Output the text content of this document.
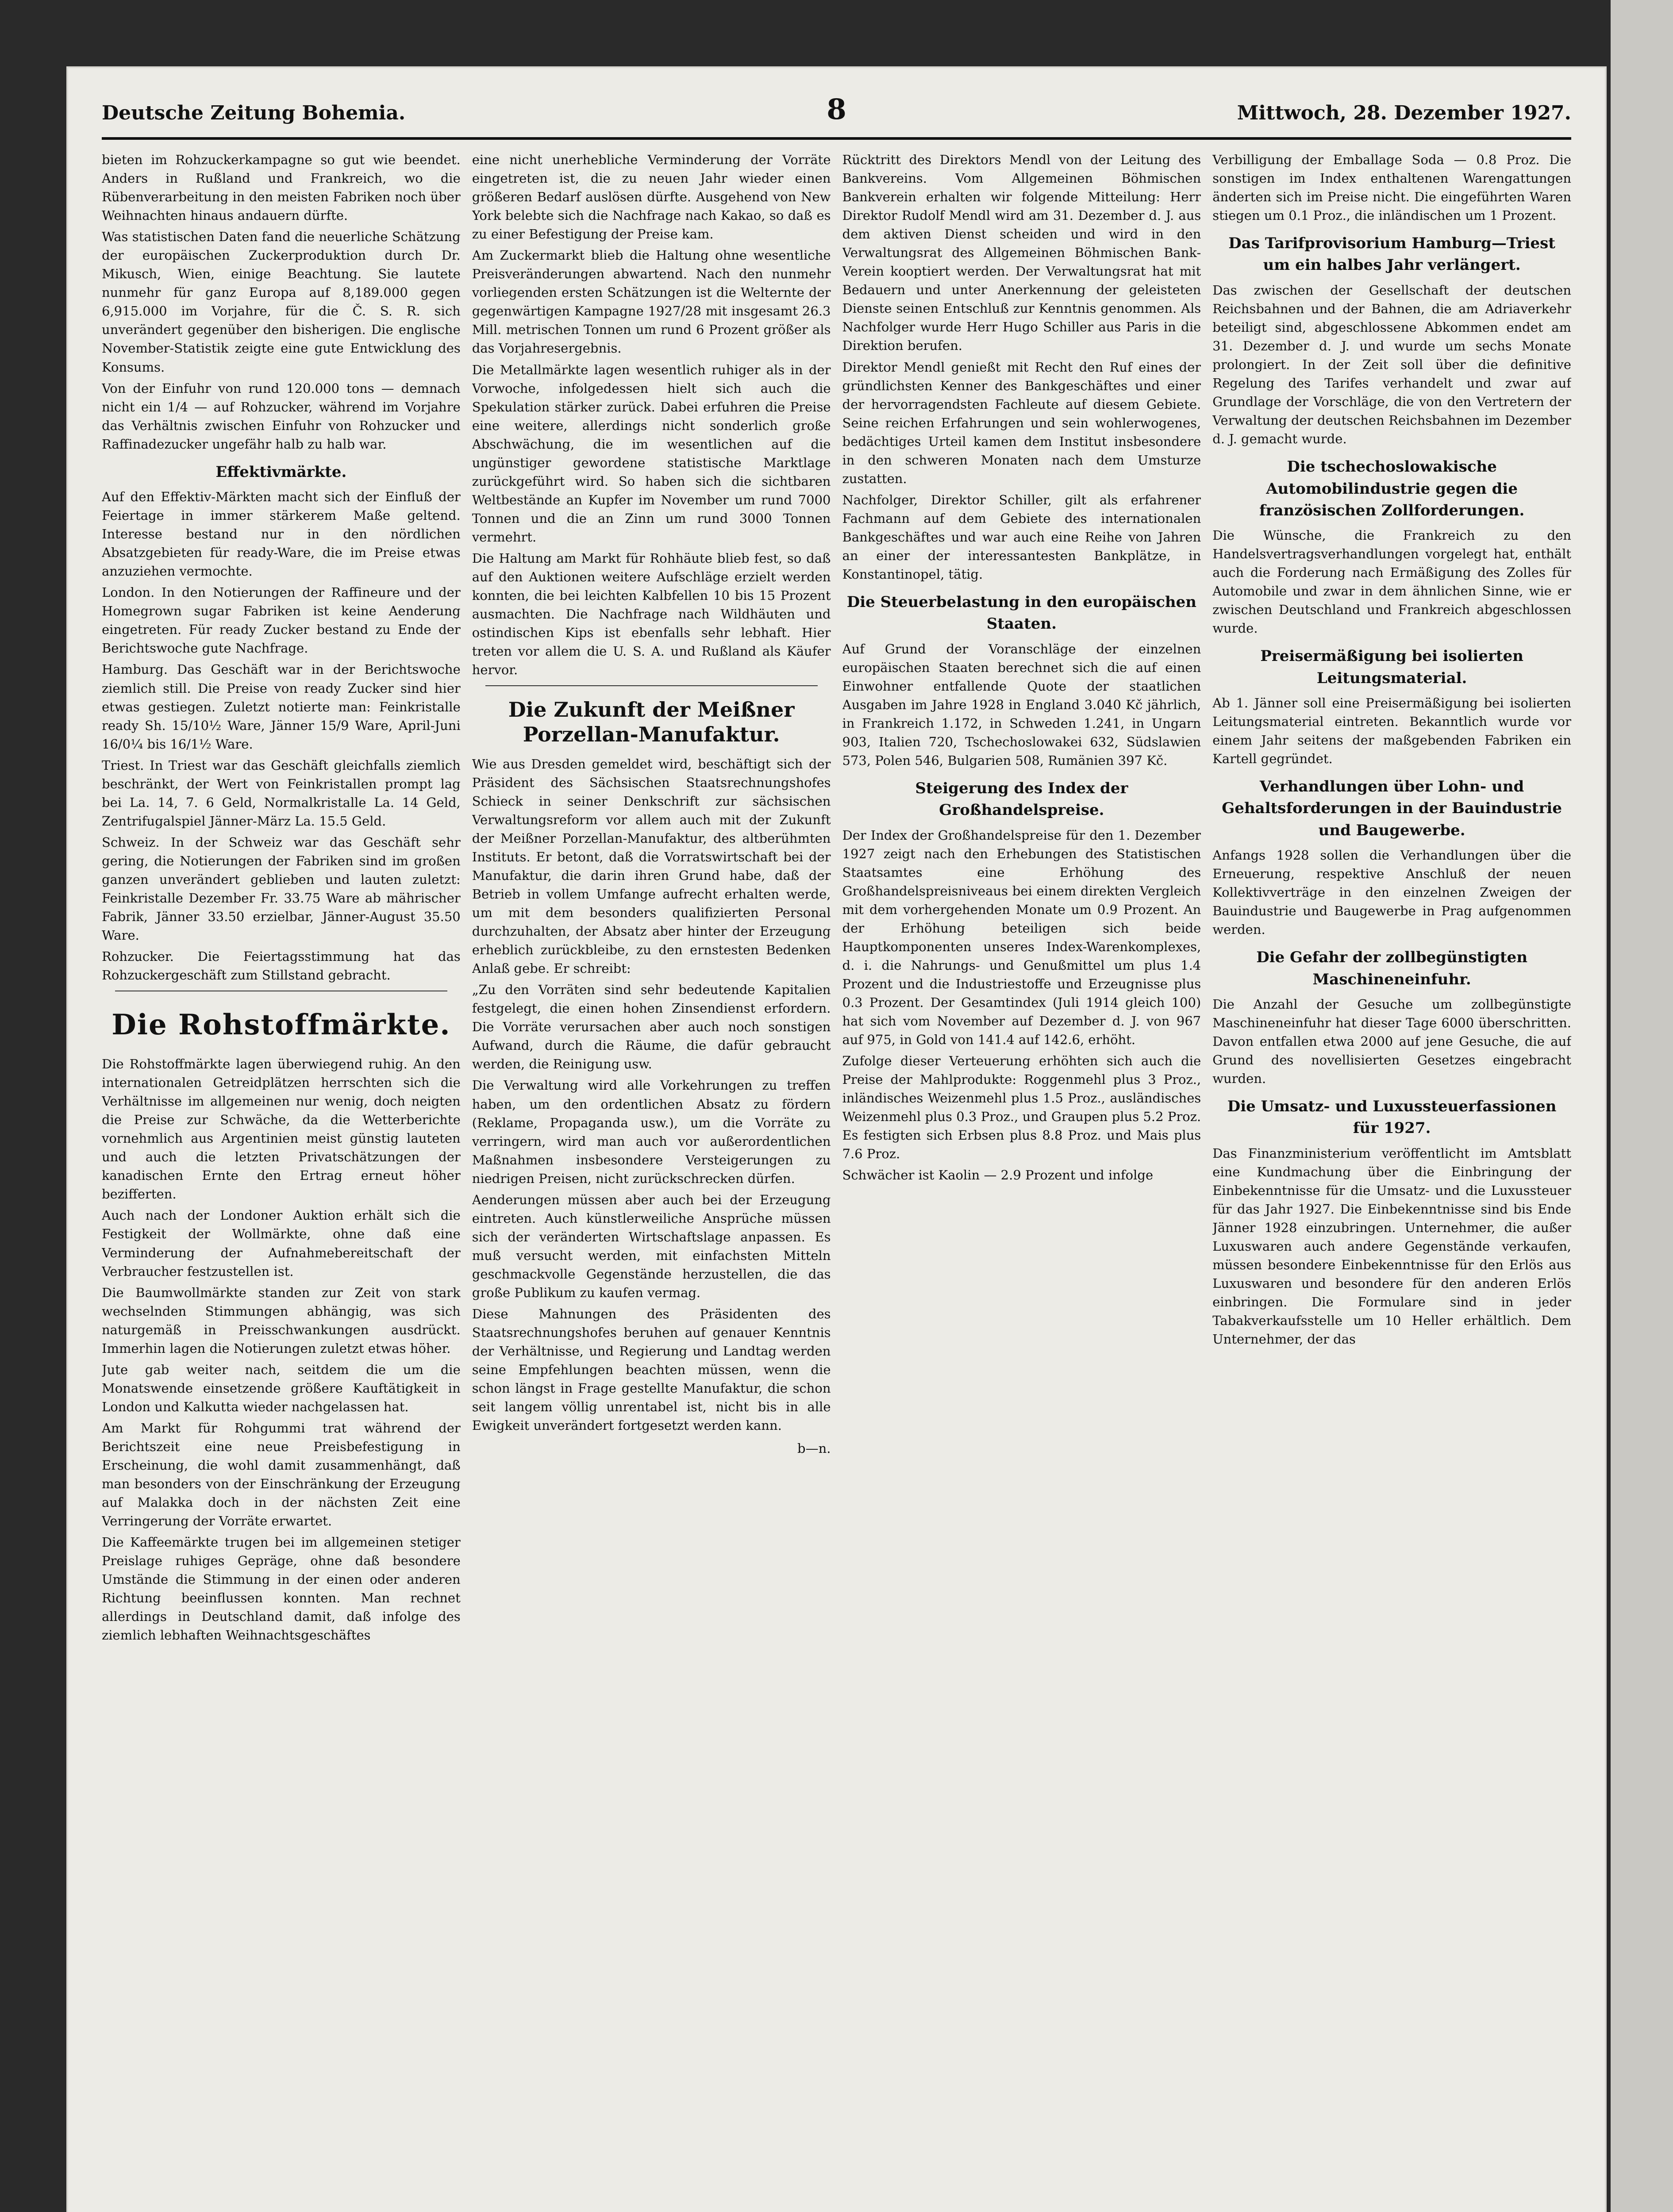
Deutsche Zeitung Bohemia.	8	Mittwoch, 28. Dezember 1927.

bieten im Rohzuckerkampagne so gut wie beendet. Anders in Rußland und Frankreich, wo die Rübenverarbeitung in den meisten Fabriken noch über Weihnachten hinaus andauern dürfte.

Was statistischen Daten fand die neuerliche Schätzung der europäischen Zuckerproduktion durch Dr. Mikusch, Wien, einige Beachtung. Sie lautete nunmehr für ganz Europa auf 8,189.000 gegen 6,915.000 im Vorjahre, für die Č. S. R. sich unverändert gegenüber den bisherigen. Die englische November-Statistik zeigte eine gute Entwicklung des Konsums.

Von der Einfuhr von rund 120.000 tons — demnach nicht ein 1/4 — auf Rohzucker, während im Vorjahre das Verhältnis zwischen Einfuhr von Rohzucker und Raffinadezucker ungefähr halb zu halb war.

Effektivmärkte.

Auf den Effektiv-Märkten macht sich der Einfluß der Feiertage in immer stärkerem Maße geltend. Interesse bestand nur in den nördlichen Absatzgebieten für ready-Ware, die im Preise etwas anzuziehen vermochte.

London. In den Notierungen der Raffineure und der Homegrown sugar Fabriken ist keine Aenderung eingetreten. Für ready Zucker bestand zu Ende der Berichtswoche gute Nachfrage.

Hamburg. Das Geschäft war in der Berichtswoche ziemlich still. Die Preise von ready Zucker sind hier etwas gestiegen. Zuletzt notierte man: Feinkristalle ready Sh. 15/10½ Ware, Jänner 15/9 Ware, April-Juni 16/0¼ bis 16/1½ Ware.

Triest. In Triest war das Geschäft gleichfalls ziemlich beschränkt, der Wert von Feinkristallen prompt lag bei La. 14, 7. 6 Geld, Normalkristalle La. 14 Geld, Zentrifugalspiel Jänner-März La. 15.5 Geld.

Schweiz. In der Schweiz war das Geschäft sehr gering, die Notierungen der Fabriken sind im großen ganzen unverändert geblieben und lauten zuletzt: Feinkristalle Dezember Fr. 33.75 Ware ab mährischer Fabrik, Jänner 33.50 erzielbar, Jänner-August 35.50 Ware.

Rohzucker. Die Feiertagsstimmung hat das Rohzuckergeschäft zum Stillstand gebracht.

Die Rohstoffmärkte.

Die Rohstoffmärkte lagen überwiegend ruhig. An den internationalen Getreidplätzen herrschten sich die Verhältnisse im allgemeinen nur wenig, doch neigten die Preise zur Schwäche, da die Wetterberichte vornehmlich aus Argentinien meist günstig lauteten und auch die letzten Privatschätzungen der kanadischen Ernte den Ertrag erneut höher bezifferten.

Auch nach der Londoner Auktion erhält sich die Festigkeit der Wollmärkte, ohne daß eine Verminderung der Aufnahmebereitschaft der Verbraucher festzustellen ist.

Die Baumwollmärkte standen zur Zeit von stark wechselnden Stimmungen abhängig, was sich naturgemäß in Preisschwankungen ausdrückt. Immerhin lagen die Notierungen zuletzt etwas höher.

Jute gab weiter nach, seitdem die um die Monatswende einsetzende größere Kauftätigkeit in London und Kalkutta wieder nachgelassen hat.

Am Markt für Rohgummi trat während der Berichtszeit eine neue Preisbefestigung in Erscheinung, die wohl damit zusammenhängt, daß man besonders von der Einschränkung der Erzeugung auf Malakka doch in der nächsten Zeit eine Verringerung der Vorräte erwartet.

Die Kaffeemärkte trugen bei im allgemeinen stetiger Preislage ruhiges Gepräge, ohne daß besondere Umstände die Stimmung in der einen oder anderen Richtung beeinflussen konnten. Man rechnet allerdings in Deutschland damit, daß infolge des ziemlich lebhaften Weihnachtsgeschäftes

eine nicht unerhebliche Verminderung der Vorräte eingetreten ist, die zu neuen Jahr wieder einen größeren Bedarf auslösen dürfte. Ausgehend von New York belebte sich die Nachfrage nach Kakao, so daß es zu einer Befestigung der Preise kam.

Am Zuckermarkt blieb die Haltung ohne wesentliche Preisveränderungen abwartend. Nach den nunmehr vorliegenden ersten Schätzungen ist die Welternte der gegenwärtigen Kampagne 1927/28 mit insgesamt 26.3 Mill. metrischen Tonnen um rund 6 Prozent größer als das Vorjahresergebnis.

Die Metallmärkte lagen wesentlich ruhiger als in der Vorwoche, infolgedessen hielt sich auch die Spekulation stärker zurück. Dabei erfuhren die Preise eine weitere, allerdings nicht sonderlich große Abschwächung, die im wesentlichen auf die ungünstiger gewordene statistische Marktlage zurückgeführt wird. So haben sich die sichtbaren Weltbestände an Kupfer im November um rund 7000 Tonnen und die an Zinn um rund 3000 Tonnen vermehrt.

Die Haltung am Markt für Rohhäute blieb fest, so daß auf den Auktionen weitere Aufschläge erzielt werden konnten, die bei leichten Kalbfellen 10 bis 15 Prozent ausmachten. Die Nachfrage nach Wildhäuten und ostindischen Kips ist ebenfalls sehr lebhaft. Hier treten vor allem die U. S. A. und Rußland als Käufer hervor.

Die Zukunft der Meißner Porzellan-Manufaktur.

Wie aus Dresden gemeldet wird, beschäftigt sich der Präsident des Sächsischen Staatsrechnungshofes Schieck in seiner Denkschrift zur sächsischen Verwaltungsreform vor allem auch mit der Zukunft der Meißner Porzellan-Manufaktur, des altberühmten Instituts. Er betont, daß die Vorratswirtschaft bei der Manufaktur, die darin ihren Grund habe, daß der Betrieb in vollem Umfange aufrecht erhalten werde, um mit dem besonders qualifizierten Personal durchzuhalten, der Absatz aber hinter der Erzeugung erheblich zurückbleibe, zu den ernstesten Bedenken Anlaß gebe. Er schreibt:

„Zu den Vorräten sind sehr bedeutende Kapitalien festgelegt, die einen hohen Zinsendienst erfordern. Die Vorräte verursachen aber auch noch sonstigen Aufwand, durch die Räume, die dafür gebraucht werden, die Reinigung usw.

Die Verwaltung wird alle Vorkehrungen zu treffen haben, um den ordentlichen Absatz zu fördern (Reklame, Propaganda usw.), um die Vorräte zu verringern, wird man auch vor außerordentlichen Maßnahmen insbesondere Versteigerungen zu niedrigen Preisen, nicht zurückschrecken dürfen.

Aenderungen müssen aber auch bei der Erzeugung eintreten. Auch künstlerweiliche Ansprüche müssen sich der veränderten Wirtschaftslage anpassen. Es muß versucht werden, mit einfachsten Mitteln geschmackvolle Gegenstände herzustellen, die das große Publikum zu kaufen vermag.

Diese Mahnungen des Präsidenten des Staatsrechnungshofes beruhen auf genauer Kenntnis der Verhältnisse, und Regierung und Landtag werden seine Empfehlungen beachten müssen, wenn die schon längst in Frage gestellte Manufaktur, die schon seit langem völlig unrentabel ist, nicht bis in alle Ewigkeit unverändert fortgesetzt werden kann.

b—n.

Rücktritt des Direktors Mendl von der Leitung des Bankvereins. Vom Allgemeinen Böhmischen Bankverein erhalten wir folgende Mitteilung: Herr Direktor Rudolf Mendl wird am 31. Dezember d. J. aus dem aktiven Dienst scheiden und wird in den Verwaltungsrat des Allgemeinen Böhmischen Bank-Verein kooptiert werden. Der Verwaltungsrat hat mit Bedauern und unter Anerkennung der geleisteten Dienste seinen Entschluß zur Kenntnis genommen. Als Nachfolger wurde Herr Hugo Schiller aus Paris in die Direktion berufen.

Direktor Mendl genießt mit Recht den Ruf eines der gründlichsten Kenner des Bankgeschäftes und einer der hervorragendsten Fachleute auf diesem Gebiete. Seine reichen Erfahrungen und sein wohlerwogenes, bedächtiges Urteil kamen dem Institut insbesondere in den schweren Monaten nach dem Umsturze zustatten.

Nachfolger, Direktor Schiller, gilt als erfahrener Fachmann auf dem Gebiete des internationalen Bankgeschäftes und war auch eine Reihe von Jahren an einer der interessantesten Bankplätze, in Konstantinopel, tätig.

Die Steuerbelastung in den europäischen Staaten.

Auf Grund der Voranschläge der einzelnen europäischen Staaten berechnet sich die auf einen Einwohner entfallende Quote der staatlichen Ausgaben im Jahre 1928 in England 3.040 Kč jährlich, in Frankreich 1.172, in Schweden 1.241, in Ungarn 903, Italien 720, Tschechoslowakei 632, Südslawien 573, Polen 546, Bulgarien 508, Rumänien 397 Kč.

Steigerung des Index der Großhandelspreise.

Der Index der Großhandelspreise für den 1. Dezember 1927 zeigt nach den Erhebungen des Statistischen Staatsamtes eine Erhöhung des Großhandelspreisniveaus bei einem direkten Vergleich mit dem vorhergehenden Monate um 0.9 Prozent. An der Erhöhung beteiligen sich beide Hauptkomponenten unseres Index-Warenkomplexes, d. i. die Nahrungs- und Genußmittel um plus 1.4 Prozent und die Industriestoffe und Erzeugnisse plus 0.3 Prozent. Der Gesamtindex (Juli 1914 gleich 100) hat sich vom November auf Dezember d. J. von 967 auf 975, in Gold von 141.4 auf 142.6, erhöht.

Zufolge dieser Verteuerung erhöhten sich auch die Preise der Mahlprodukte: Roggenmehl plus 3 Proz., inländisches Weizenmehl plus 1.5 Proz., ausländisches Weizenmehl plus 0.3 Proz., und Graupen plus 5.2 Proz. Es festigten sich Erbsen plus 8.8 Proz. und Mais plus 7.6 Proz.

Schwächer ist Kaolin — 2.9 Prozent und infolge

Verbilligung der Emballage Soda — 0.8 Proz. Die sonstigen im Index enthaltenen Warengattungen änderten sich im Preise nicht. Die eingeführten Waren stiegen um 0.1 Proz., die inländischen um 1 Prozent.

Das Tarifprovisorium Hamburg—Triest um ein halbes Jahr verlängert.

Das zwischen der Gesellschaft der deutschen Reichsbahnen und der Bahnen, die am Adriaverkehr beteiligt sind, abgeschlossene Abkommen endet am 31. Dezember d. J. und wurde um sechs Monate prolongiert. In der Zeit soll über die definitive Regelung des Tarifes verhandelt und zwar auf Grundlage der Vorschläge, die von den Vertretern der Verwaltung der deutschen Reichsbahnen im Dezember d. J. gemacht wurde.

Die tschechoslowakische Automobilindustrie gegen die französischen Zollforderungen.

Die Wünsche, die Frankreich zu den Handelsvertragsverhandlungen vorgelegt hat, enthält auch die Forderung nach Ermäßigung des Zolles für Automobile und zwar in dem ähnlichen Sinne, wie er zwischen Deutschland und Frankreich abgeschlossen wurde.

Preisermäßigung bei isolierten Leitungsmaterial.

Ab 1. Jänner soll eine Preisermäßigung bei isolierten Leitungsmaterial eintreten. Bekanntlich wurde vor einem Jahr seitens der maßgebenden Fabriken ein Kartell gegründet.

Verhandlungen über Lohn- und Gehaltsforderungen in der Bauindustrie und Baugewerbe.

Anfangs 1928 sollen die Verhandlungen über die Erneuerung, respektive Anschluß der neuen Kollektivverträge in den einzelnen Zweigen der Bauindustrie und Baugewerbe in Prag aufgenommen werden.

Die Gefahr der zollbegünstigten Maschineneinfuhr.

Die Anzahl der Gesuche um zollbegünstigte Maschineneinfuhr hat dieser Tage 6000 überschritten. Davon entfallen etwa 2000 auf jene Gesuche, die auf Grund des novellisierten Gesetzes eingebracht wurden.

Die Umsatz- und Luxussteuerfassionen für 1927.

Das Finanzministerium veröffentlicht im Amtsblatt eine Kundmachung über die Einbringung der Einbekenntnisse für die Umsatz- und die Luxussteuer für das Jahr 1927. Die Einbekenntnisse sind bis Ende Jänner 1928 einzubringen. Unternehmer, die außer Luxuswaren auch andere Gegenstände verkaufen, müssen besondere Einbekenntnisse für den Erlös aus Luxuswaren und besondere für den anderen Erlös einbringen. Die Formulare sind in jeder Tabakverkaufsstelle um 10 Heller erhältlich. Dem Unternehmer, der das
